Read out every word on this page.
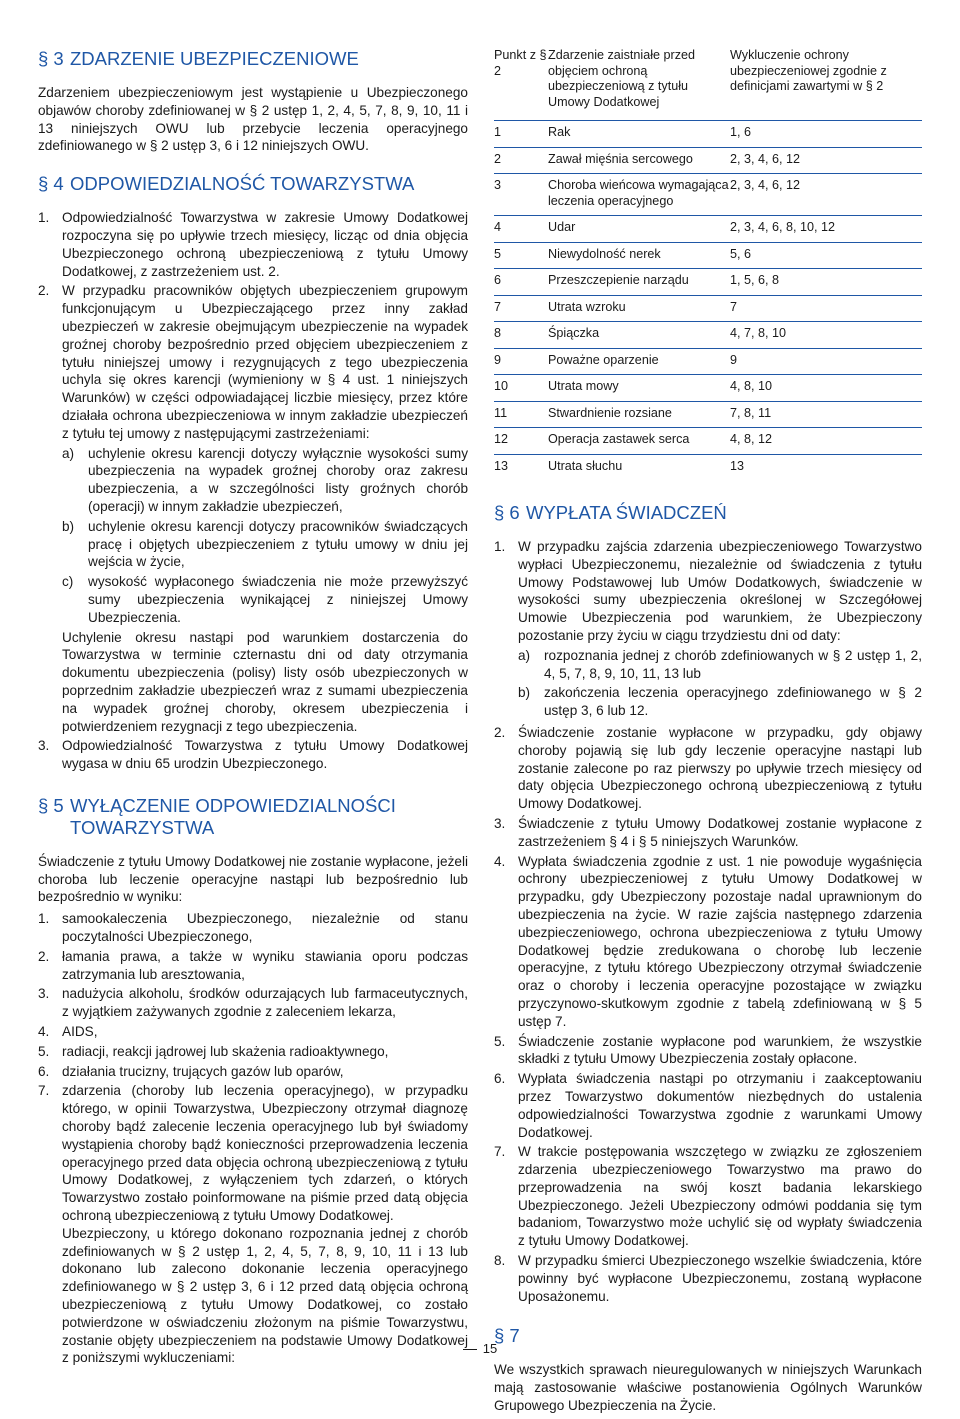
§ 3 ZDARZENIE UBEZPIECZENIOWE

Zdarzeniem ubezpieczeniowym jest wystąpienie u Ubezpieczonego objawów choroby zdefiniowanej w § 2 ustęp 1, 2, 4, 5, 7, 8, 9, 10, 11 i 13 niniejszych OWU lub przebycie leczenia operacyjnego zdefiniowanego w § 2 ustęp 3, 6 i 12 niniejszych OWU.

§ 4 ODPOWIEDZIALNOŚĆ TOWARZYSTWA
1. Odpowiedzialność Towarzystwa w zakresie Umowy Dodatkowej rozpoczyna się po upływie trzech miesięcy, licząc od dnia objęcia Ubezpieczonego ochroną ubezpieczeniową z tytułu Umowy Dodatkowej, z zastrzeżeniem ust. 2.

2. W przypadku pracowników objętych ubezpieczeniem grupowym funkcjonującym u Ubezpieczającego przez inny zakład ubezpieczeń w zakresie obejmującym ubezpieczenie na wypadek groźnej choroby bezpośrednio przed objęciem ubezpieczeniem z tytułu niniejszej umowy i rezygnujących z tego ubezpieczenia uchyla się okres karencji (wymieniony w § 4 ust. 1 niniejszych Warunków) w części odpowiadającej liczbie miesięcy, przez które działała ochrona ubezpieczeniowa w innym zakładzie ubezpieczeń z tytułu tej umowy z następującymi zastrzeżeniami:

a)	uchylenie okresu karencji dotyczy wyłącznie wysokości sumy ubezpieczenia na wypadek groźnej choroby oraz zakresu ubezpieczenia, a w szczególności listy groźnych chorób (operacji) w innym zakładzie ubezpieczeń,
b)	uchylenie okresu karencji dotyczy pracowników świadczących pracę i objętych ubezpieczeniem z tytułu umowy w dniu jej wejścia w życie,
c)	wysokość wypłaconego świadczenia nie może przewyższyć sumy ubezpieczenia wynikającej z niniejszej Umowy Ubezpieczenia.

Uchylenie okresu nastąpi pod warunkiem dostarczenia do Towarzystwa w terminie czternastu dni od daty otrzymania dokumentu ubezpieczenia (polisy) listy osób ubezpieczonych w poprzednim zakładzie ubezpieczeń wraz z sumami ubezpieczenia na wypadek groźnej choroby, okresem ubezpieczenia i potwierdzeniem rezygnacji z tego ubezpieczenia.

3. Odpowiedzialność Towarzystwa z tytułu Umowy Dodatkowej wygasa w dniu 65 urodzin Ubezpieczonego.

§ 5 WYŁĄCZENIE ODPOWIEDZIALNOŚCI TOWARZYSTWA

Świadczenie z tytułu Umowy Dodatkowej nie zostanie wypłacone, jeżeli choroba lub leczenie operacyjne nastąpi lub bezpośrednio lub bezpośrednio w wyniku:

1. samookaleczenia Ubezpieczonego, niezależnie od stanu poczytalności Ubezpieczonego,

2. łamania prawa, a także w wyniku stawiania oporu podczas zatrzymania lub aresztowania,

3. nadużycia alkoholu, środków odurzających lub farmaceutycznych, z wyjątkiem zażywanych zgodnie z zaleceniem lekarza,

4. AIDS,

5. radiacji, reakcji jądrowej lub skażenia radioaktywnego,

6. działania trucizny, trujących gazów lub oparów,

7. zdarzenia (choroby lub leczenia operacyjnego), w przypadku którego, w opinii Towarzystwa, Ubezpieczony otrzymał diagnozę choroby bądź zalecenie leczenia operacyjnego lub był świadomy wystąpienia choroby bądź konieczności przeprowadzenia leczenia operacyjnego przed data objęcia ochroną ubezpieczeniową z tytułu Umowy Dodatkowej, z wyłączeniem tych zdarzeń, o których Towarzystwo zostało poinformowane na piśmie przed datą objęcia ochroną ubezpieczeniową z tytułu Umowy Dodatkowej.

Ubezpieczony, u którego dokonano rozpoznania jednej z chorób zdefiniowanych w § 2 ustęp 1, 2, 4, 5, 7, 8, 9, 10, 11 i 13 lub dokonano lub zalecono dokonanie leczenia operacyjnego zdefiniowanego w § 2 ustęp 3, 6 i 12 przed datą objęcia ochroną ubezpieczeniową z tytułu Umowy Dodatkowej, co zostało potwierdzone w oświadczeniu złożonym na piśmie Towarzystwu, zostanie objęty ubezpieczeniem na podstawie Umowy Dodatkowej z poniższymi wykluczeniami:

Punkt z § 2	Zdarzenie zaistniałe przed objęciem ochroną ubezpieczeniową z tytułu Umowy Dodatkowej	Wykluczenie ochrony ubezpieczeniowej zgodnie z definicjami zawartymi w § 2
1	Rak	1, 6
2	Zawał mięśnia sercowego	2, 3, 4, 6, 12
3	Choroba wieńcowa wymagająca leczenia operacyjnego	2, 3, 4, 6, 12
4	Udar	2, 3, 4, 6, 8, 10, 12
5	Niewydolność nerek	5, 6
6	Przeszczepienie narządu	1, 5, 6, 8
7	Utrata wzroku	7
8	Śpiączka	4, 7, 8, 10
9	Poważne oparzenie	9
10	Utrata mowy	4, 8, 10
11	Stwardnienie rozsiane	7, 8, 11
12	Operacja zastawek serca	4, 8, 12
13	Utrata słuchu	13
§ 6 WYPŁATA ŚWIADCZEŃ
1. W przypadku zajścia zdarzenia ubezpieczeniowego Towarzystwo wypłaci Ubezpieczonemu, niezależnie od świadczenia z tytułu Umowy Podstawowej lub Umów Dodatkowych, świadczenie w wysokości sumy ubezpieczenia określonej w Szczegółowej Umowie Ubezpieczenia pod warunkiem, że Ubezpieczony pozostanie przy życiu w ciągu trzydziestu dni od daty:

a)	rozpoznania jednej z chorób zdefiniowanych w § 2 ustęp 1, 2, 4, 5, 7, 8, 9, 10, 11, 13 lub
b)	zakończenia leczenia operacyjnego zdefiniowanego w § 2 ustęp 3, 6 lub 12.
2. Świadczenie zostanie wypłacone w przypadku, gdy objawy choroby pojawią się lub gdy leczenie operacyjne nastąpi lub zostanie zalecone po raz pierwszy po upływie trzech miesięcy od daty objęcia Ubezpieczonego ochroną ubezpieczeniową z tytułu Umowy Dodatkowej.

3. Świadczenie z tytułu Umowy Dodatkowej zostanie wypłacone z zastrzeżeniem § 4 i § 5 niniejszych Warunków.

4. Wypłata świadczenia zgodnie z ust. 1 nie powoduje wygaśnięcia ochrony ubezpieczeniowej z tytułu Umowy Dodatkowej w przypadku, gdy Ubezpieczony pozostaje nadal uprawnionym do ubezpieczenia na życie. W razie zajścia następnego zdarzenia ubezpieczeniowego, ochrona ubezpieczeniowa z tytułu Umowy Dodatkowej będzie zredukowana o chorobę lub leczenie operacyjne, z tytułu którego Ubezpieczony otrzymał świadczenie oraz o choroby i leczenia operacyjne pozostające w związku przyczynowo-skutkowym zgodnie z tabelą zdefiniowaną w § 5 ustęp 7.

5. Świadczenie zostanie wypłacone pod warunkiem, że wszystkie składki z tytułu Umowy Ubezpieczenia zostały opłacone.

6. Wypłata świadczenia nastąpi po otrzymaniu i zaakceptowaniu przez Towarzystwo dokumentów niezbędnych do ustalenia odpowiedzialności Towarzystwa zgodnie z warunkami Umowy Dodatkowej.

7. W trakcie postępowania wszczętego w związku ze zgłoszeniem zdarzenia ubezpieczeniowego Towarzystwo ma prawo do przeprowadzenia na swój koszt badania lekarskiego Ubezpieczonego. Jeżeli Ubezpieczony odmówi poddania się tym badaniom, Towarzystwo może uchylić się od wypłaty świadczenia z tytułu Umowy Dodatkowej.

8. W przypadku śmierci Ubezpieczonego wszelkie świadczenia, które powinny być wypłacone Ubezpieczonemu, zostaną wypłacone Uposażonemu.

§ 7

We wszystkich sprawach nieuregulowanych w niniejszych Warunkach mają zastosowanie właściwe postanowienia Ogólnych Warunków Grupowego Ubezpieczenia na Życie.

15
